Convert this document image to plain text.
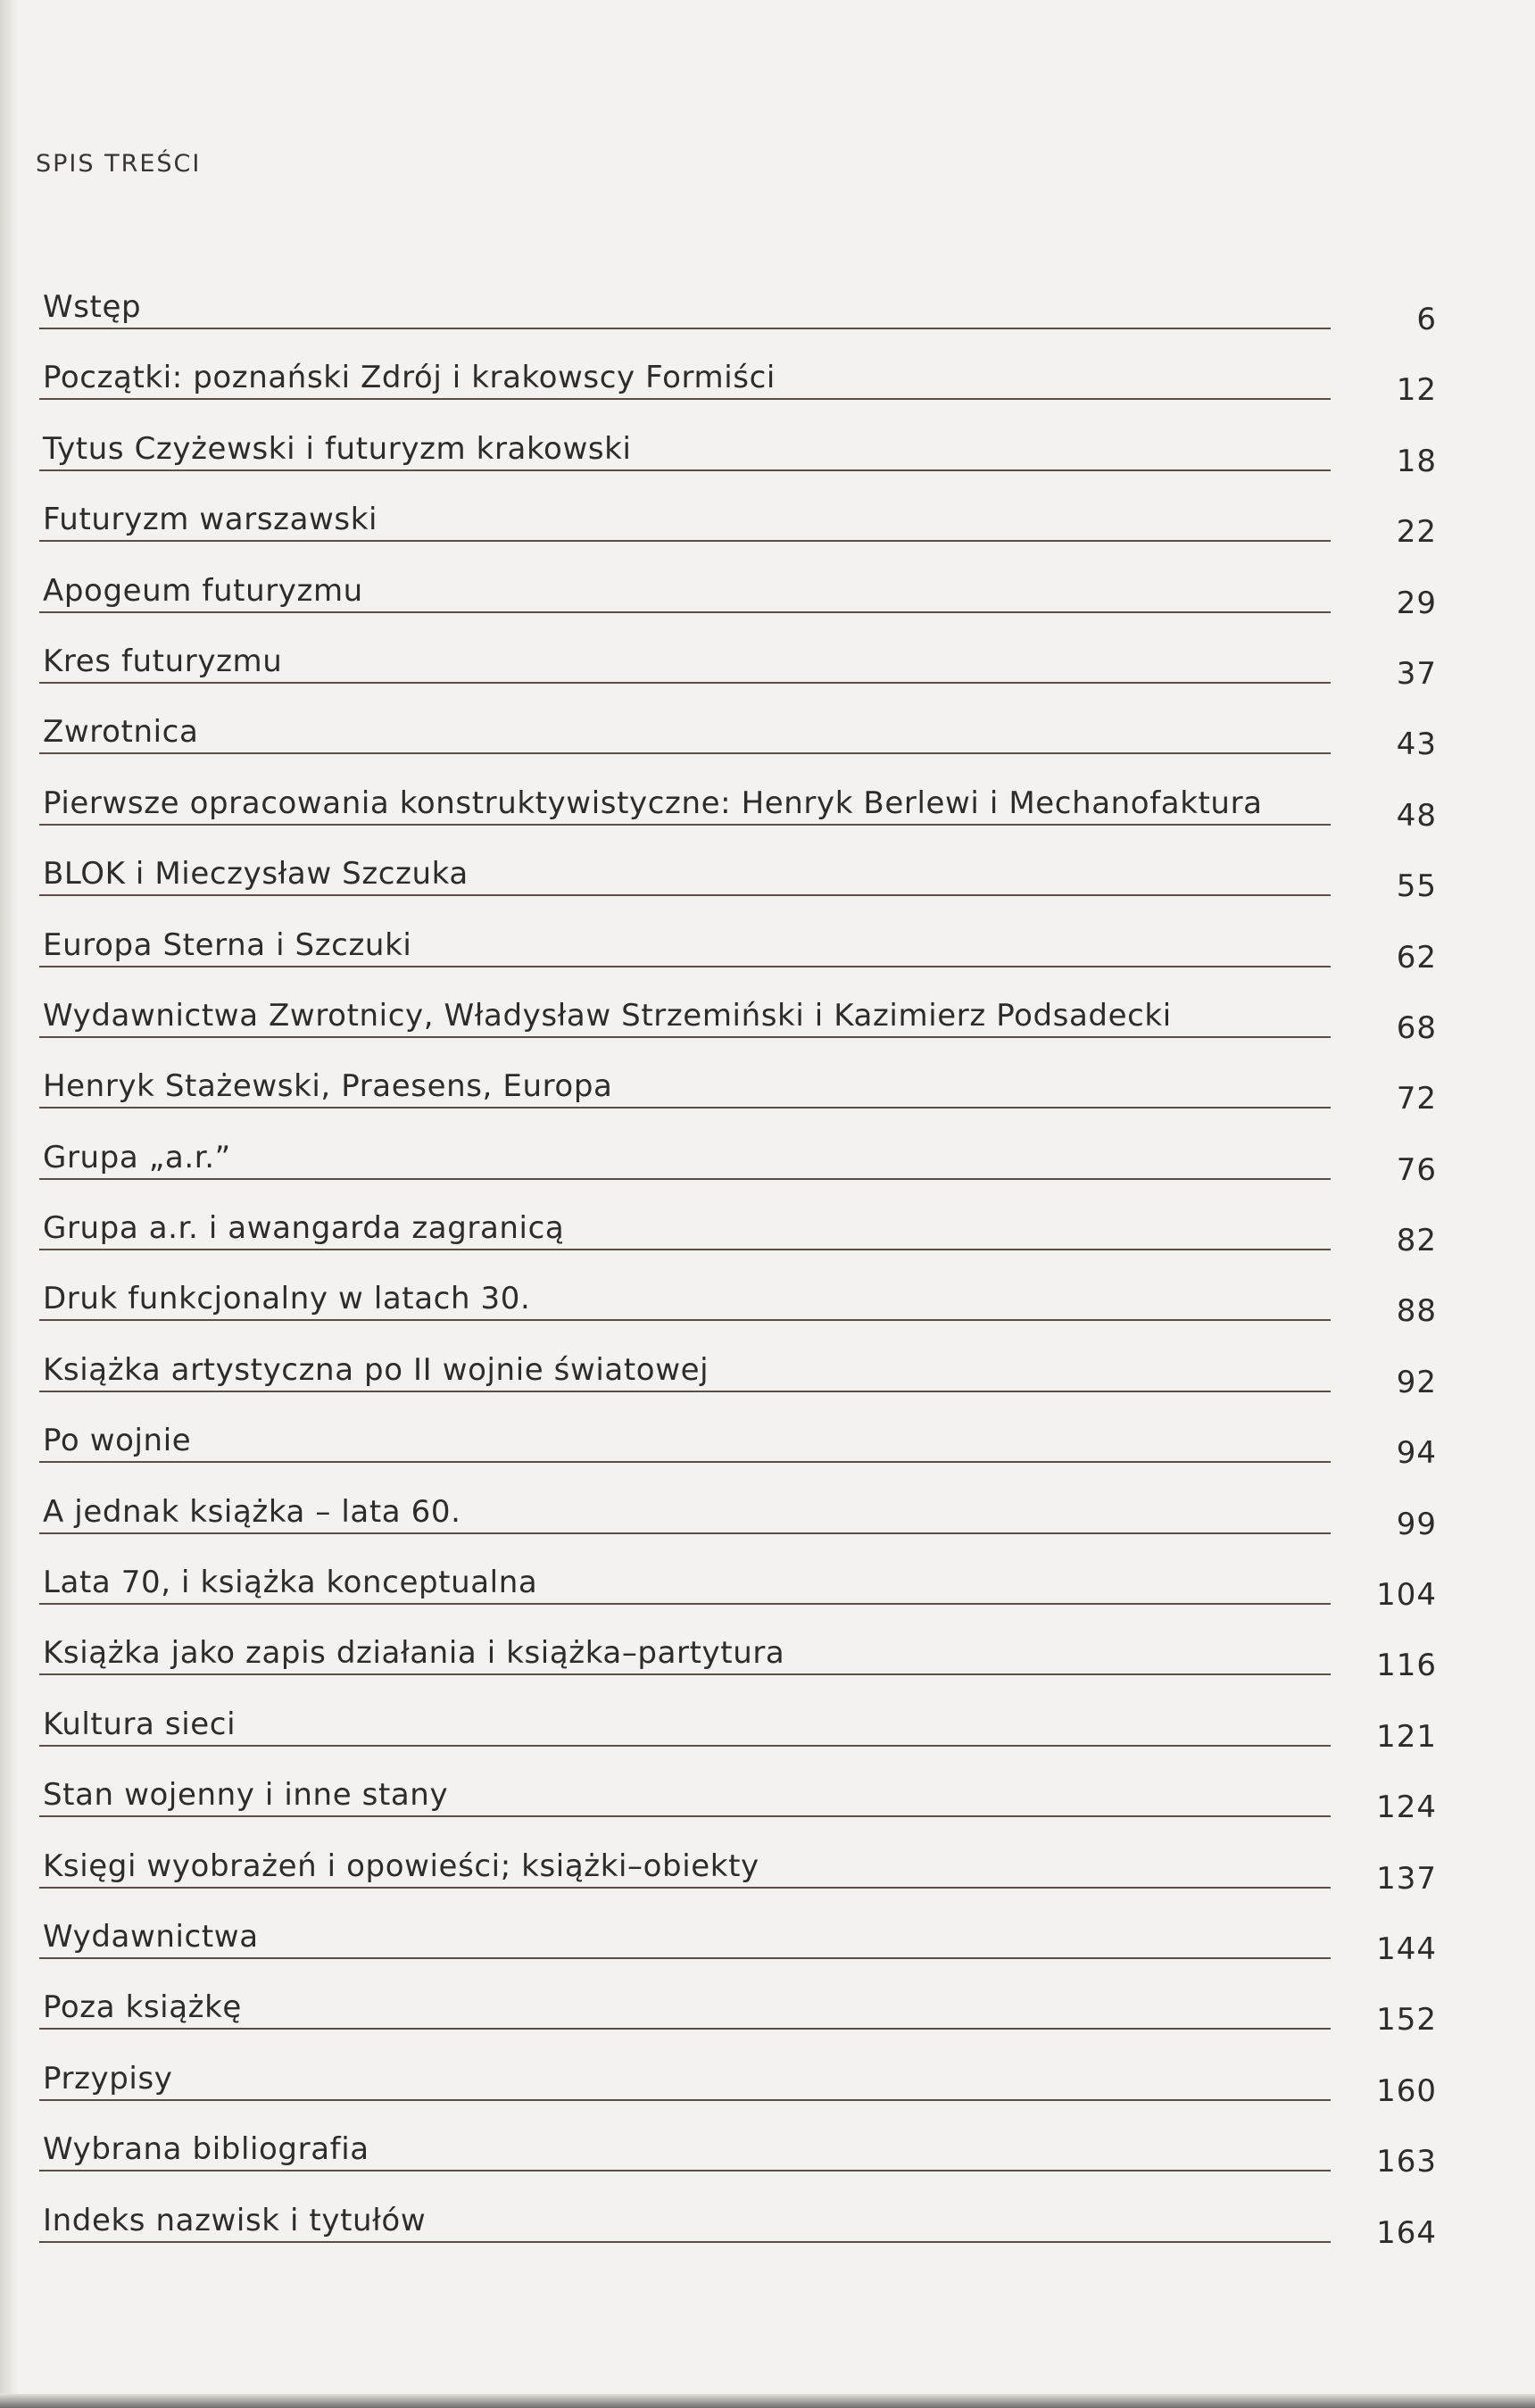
SPIS TREŚCI
Wstęp	6
Początki: poznański Zdrój i krakowscy Formiści	12
Tytus Czyżewski i futuryzm krakowski	18
Futuryzm warszawski	22
Apogeum futuryzmu	29
Kres futuryzmu	37
Zwrotnica	43
Pierwsze opracowania konstruktywistyczne: Henryk Berlewi i Mechanofaktura	48
BLOK i Mieczysław Szczuka	55
Europa Sterna i Szczuki	62
Wydawnictwa Zwrotnicy, Władysław Strzemiński i Kazimierz Podsadecki	68
Henryk Stażewski, Praesens, Europa	72
Grupa „a.r.”	76
Grupa a.r. i awangarda zagranicą	82
Druk funkcjonalny w latach 30.	88
Książka artystyczna po II wojnie światowej	92
Po wojnie	94
A jednak książka – lata 60.	99
Lata 70, i książka konceptualna	104
Książka jako zapis działania i książka–partytura	116
Kultura sieci	121
Stan wojenny i inne stany	124
Księgi wyobrażeń i opowieści; książki–obiekty	137
Wydawnictwa	144
Poza książkę	152
Przypisy	160
Wybrana bibliografia	163
Indeks nazwisk i tytułów	164
